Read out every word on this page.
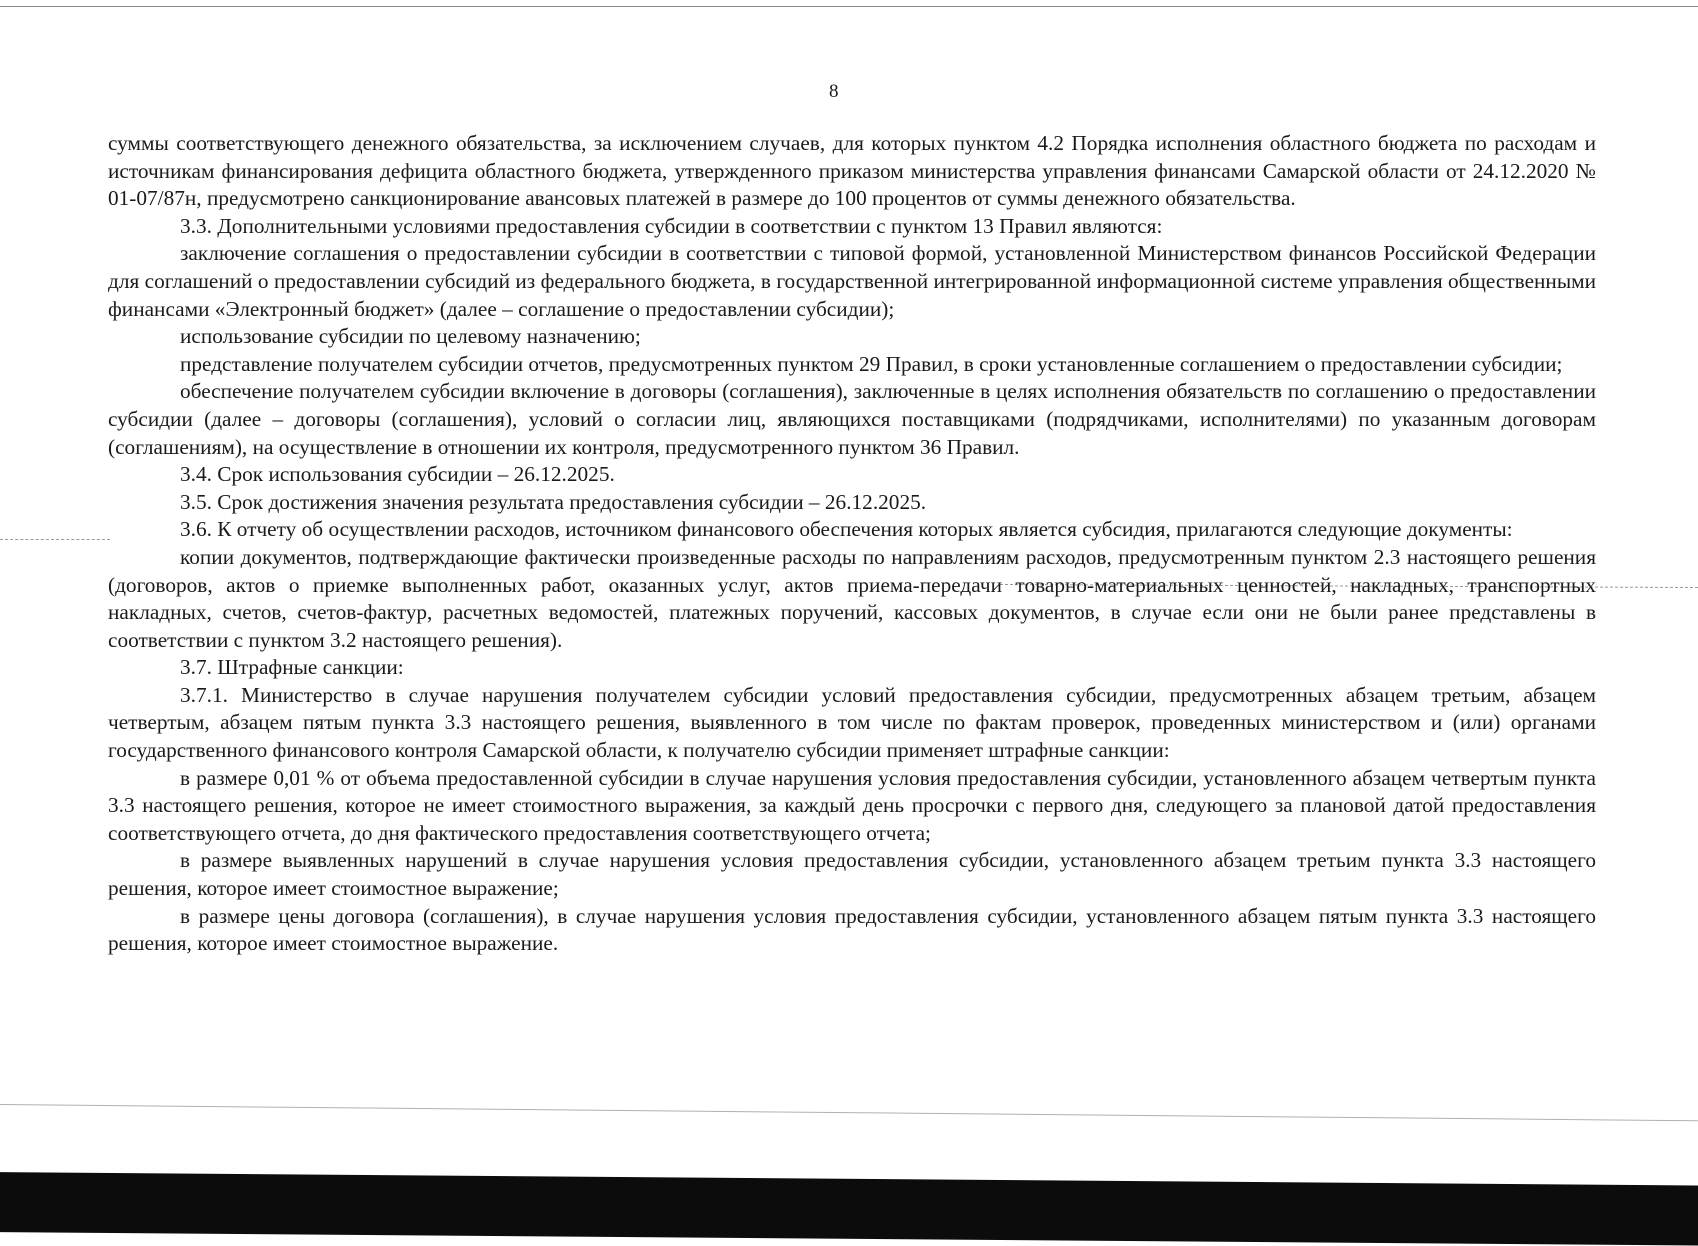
8

суммы соответствующего денежного обязательства, за исключением случаев, для которых пунктом 4.2 Порядка исполнения областного бюджета по расходам и источникам финансирования дефицита областного бюджета, утвержденного приказом министерства управления финансами Самарской области от 24.12.2020 № 01-07/87н, предусмотрено санкционирование авансовых платежей в размере до 100 процентов от суммы денежного обязательства.

3.3. Дополнительными условиями предоставления субсидии в соответствии с пунктом 13 Правил являются:

заключение соглашения о предоставлении субсидии в соответствии с типовой формой, установленной Министерством финансов Российской Федерации для соглашений о предоставлении субсидий из федерального бюджета, в государственной интегрированной информационной системе управления общественными финансами «Электронный бюджет» (далее – соглашение о предоставлении субсидии);

использование субсидии по целевому назначению;

представление получателем субсидии отчетов, предусмотренных пунктом 29 Правил, в сроки установленные соглашением о предоставлении субсидии;

обеспечение получателем субсидии включение в договоры (соглашения), заключенные в целях исполнения обязательств по соглашению о предоставлении субсидии (далее – договоры (соглашения), условий о согласии лиц, являющихся поставщиками (подрядчиками, исполнителями) по указанным договорам (соглашениям), на осуществление в отношении их контроля, предусмотренного пунктом 36 Правил.

3.4. Срок использования субсидии – 26.12.2025.

3.5. Срок достижения значения результата предоставления субсидии – 26.12.2025.

3.6. К отчету об осуществлении расходов, источником финансового обеспечения которых является субсидия, прилагаются следующие документы:

копии документов, подтверждающие фактически произведенные расходы по направлениям расходов, предусмотренным пунктом 2.3 настоящего решения (договоров, актов о приемке выполненных работ, оказанных услуг, актов приема-передачи товарно-материальных ценностей, накладных, транспортных накладных, счетов, счетов-фактур, расчетных ведомостей, платежных поручений, кассовых документов, в случае если они не были ранее представлены в соответствии с пунктом 3.2 настоящего решения).

3.7. Штрафные санкции:

3.7.1. Министерство в случае нарушения получателем субсидии условий предоставления субсидии, предусмотренных абзацем третьим, абзацем четвертым, абзацем пятым пункта 3.3 настоящего решения, выявленного в том числе по фактам проверок, проведенных министерством и (или) органами государственного финансового контроля Самарской области, к получателю субсидии применяет штрафные санкции:

в размере 0,01 % от объема предоставленной субсидии в случае нарушения условия предоставления субсидии, установленного абзацем четвертым пункта 3.3 настоящего решения, которое не имеет стоимостного выражения, за каждый день просрочки с первого дня, следующего за плановой датой предоставления соответствующего отчета, до дня фактического предоставления соответствующего отчета;

в размере выявленных нарушений в случае нарушения условия предоставления субсидии, установленного абзацем третьим пункта 3.3 настоящего решения, которое имеет стоимостное выражение;

в размере цены договора (соглашения), в случае нарушения условия предоставления субсидии, установленного абзацем пятым пункта 3.3 настоящего решения, которое имеет стоимостное выражение.
